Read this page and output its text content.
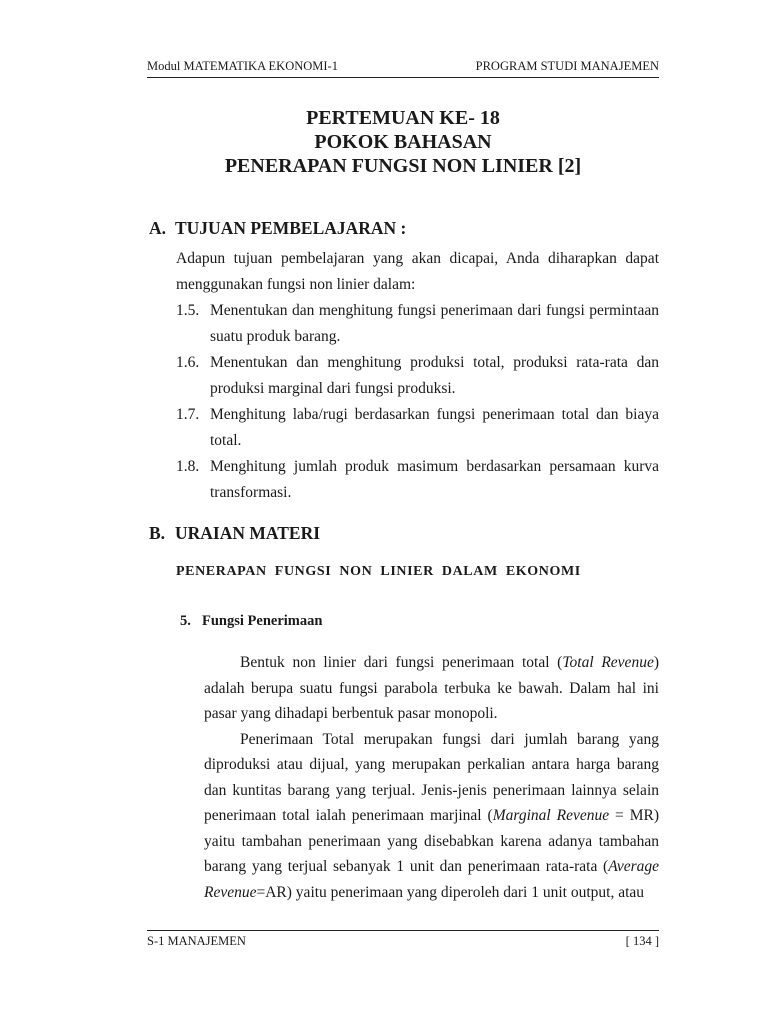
Modul MATEMATIKA EKONOMI-1	PROGRAM STUDI MANAJEMEN
PERTEMUAN KE- 18
POKOK BAHASAN
PENERAPAN FUNGSI NON LINIER [2]
A. TUJUAN PEMBELAJARAN :
Adapun tujuan pembelajaran yang akan dicapai, Anda diharapkan dapat menggunakan fungsi non linier dalam:
1.5. Menentukan dan menghitung fungsi penerimaan dari fungsi permintaan suatu produk barang.
1.6. Menentukan dan menghitung produksi total, produksi rata-rata dan produksi marginal dari fungsi produksi.
1.7. Menghitung laba/rugi berdasarkan fungsi penerimaan total dan biaya total.
1.8. Menghitung jumlah produk masimum berdasarkan persamaan kurva transformasi.
B. URAIAN MATERI
PENERAPAN FUNGSI NON LINIER DALAM EKONOMI
5. Fungsi Penerimaan

Bentuk non linier dari fungsi penerimaan total (Total Revenue) adalah berupa suatu fungsi parabola terbuka ke bawah. Dalam hal ini pasar yang dihadapi berbentuk pasar monopoli.

Penerimaan Total merupakan fungsi dari jumlah barang yang diproduksi atau dijual, yang merupakan perkalian antara harga barang dan kuntitas barang yang terjual. Jenis-jenis penerimaan lainnya selain penerimaan total ialah penerimaan marjinal (Marginal Revenue = MR) yaitu tambahan penerimaan yang disebabkan karena adanya tambahan barang yang terjual sebanyak 1 unit dan penerimaan rata-rata (Average Revenue=AR) yaitu penerimaan yang diperoleh dari 1 unit output, atau

S-1 MANAJEMEN	[ 134 ]
